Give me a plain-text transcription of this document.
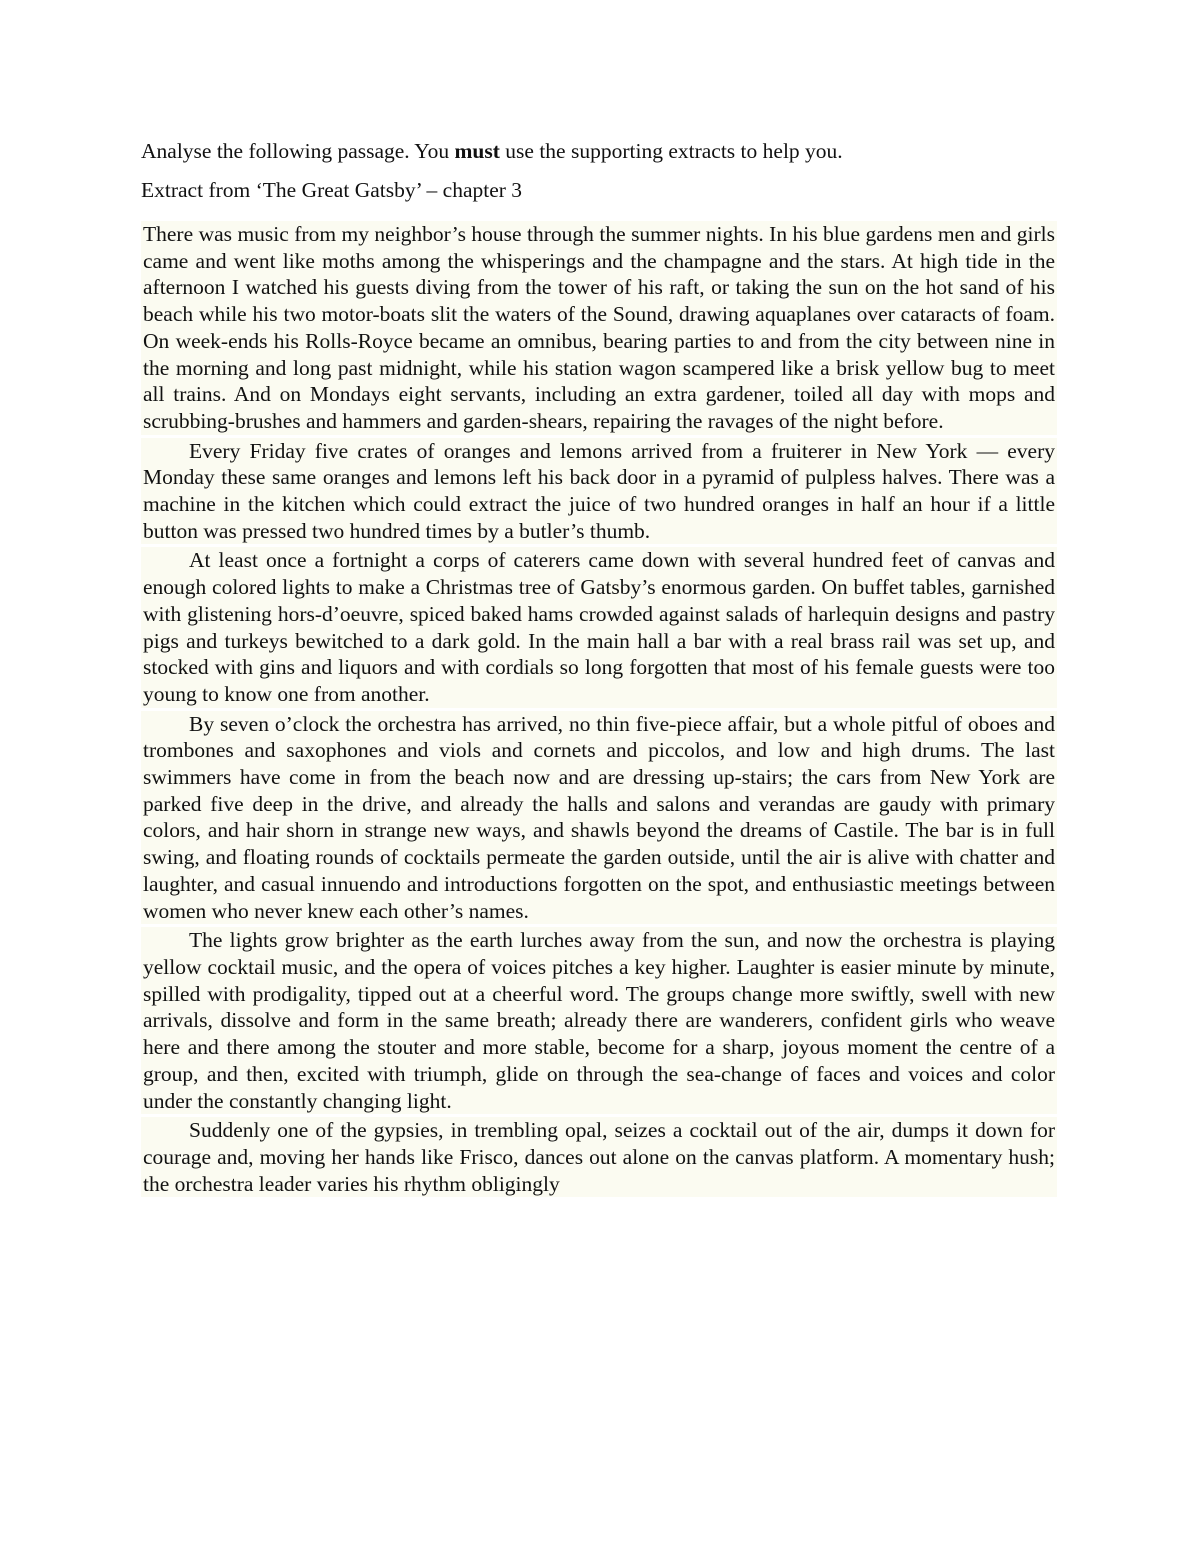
Analyse the following passage. You must use the supporting extracts to help you.

Extract from ‘The Great Gatsby’ – chapter 3

There was music from my neighbor’s house through the summer nights. In his blue gardens men and girls came and went like moths among the whisperings and the champagne and the stars. At high tide in the afternoon I watched his guests diving from the tower of his raft, or taking the sun on the hot sand of his beach while his two motor-boats slit the waters of the Sound, drawing aquaplanes over cataracts of foam. On week-ends his Rolls-Royce became an omnibus, bearing parties to and from the city between nine in the morning and long past midnight, while his station wagon scampered like a brisk yellow bug to meet all trains. And on Mondays eight servants, including an extra gardener, toiled all day with mops and scrubbing-brushes and hammers and garden-shears, repairing the ravages of the night before.

Every Friday five crates of oranges and lemons arrived from a fruiterer in New York — every Monday these same oranges and lemons left his back door in a pyramid of pulpless halves. There was a machine in the kitchen which could extract the juice of two hundred oranges in half an hour if a little button was pressed two hundred times by a butler’s thumb.

At least once a fortnight a corps of caterers came down with several hundred feet of canvas and enough colored lights to make a Christmas tree of Gatsby’s enormous garden. On buffet tables, garnished with glistening hors-d’oeuvre, spiced baked hams crowded against salads of harlequin designs and pastry pigs and turkeys bewitched to a dark gold. In the main hall a bar with a real brass rail was set up, and stocked with gins and liquors and with cordials so long forgotten that most of his female guests were too young to know one from another.

By seven o’clock the orchestra has arrived, no thin five-piece affair, but a whole pitful of oboes and trombones and saxophones and viols and cornets and piccolos, and low and high drums. The last swimmers have come in from the beach now and are dressing up-stairs; the cars from New York are parked five deep in the drive, and already the halls and salons and verandas are gaudy with primary colors, and hair shorn in strange new ways, and shawls beyond the dreams of Castile. The bar is in full swing, and floating rounds of cocktails permeate the garden outside, until the air is alive with chatter and laughter, and casual innuendo and introductions forgotten on the spot, and enthusiastic meetings between women who never knew each other’s names.

The lights grow brighter as the earth lurches away from the sun, and now the orchestra is playing yellow cocktail music, and the opera of voices pitches a key higher. Laughter is easier minute by minute, spilled with prodigality, tipped out at a cheerful word. The groups change more swiftly, swell with new arrivals, dissolve and form in the same breath; already there are wanderers, confident girls who weave here and there among the stouter and more stable, become for a sharp, joyous moment the centre of a group, and then, excited with triumph, glide on through the sea-change of faces and voices and color under the constantly changing light.

Suddenly one of the gypsies, in trembling opal, seizes a cocktail out of the air, dumps it down for courage and, moving her hands like Frisco, dances out alone on the canvas platform. A momentary hush; the orchestra leader varies his rhythm obligingly
